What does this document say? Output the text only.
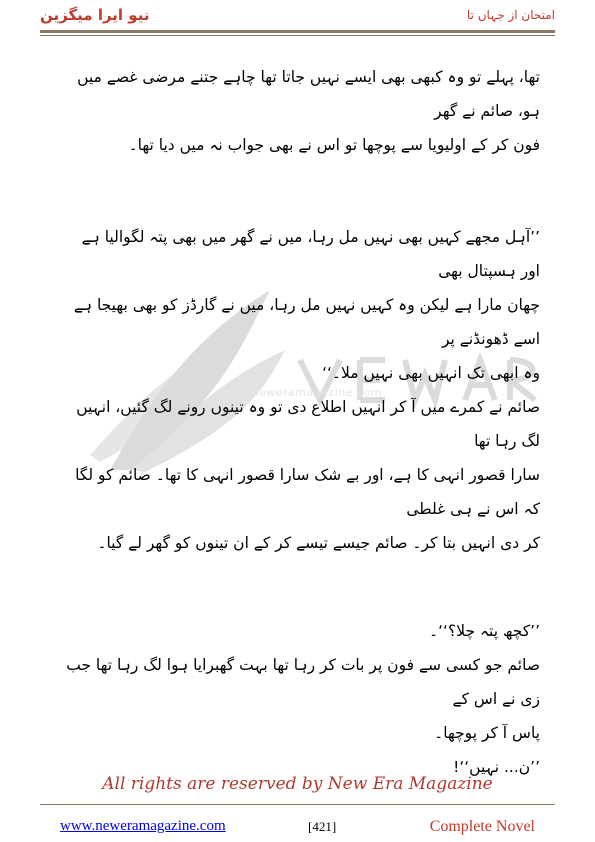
نیو ایرا میگزین	امتحان از جہاں تا
www.neweramagazine.com

تھا، پہلے تو وہ کبھی بھی ایسے نہیں جاتا تھا چاہے جتنے مرضی غصے میں ہو، صائم نے گھر

فون کر کے اولیویا سے پوچھا تو اس نے بھی جواب نہ میں دیا تھا۔

’’آہل مجھے کہیں بھی نہیں مل رہا، میں نے گھر میں بھی پتہ لگوالیا ہے اور ہسپتال بھی

چھان مارا ہے لیکن وہ کہیں نہیں مل رہا، میں نے گارڈز کو بھی بھیجا ہے اسے ڈھونڈنے پر

وہ ابھی تک انہیں بھی نہیں ملا۔‘‘

صائم نے کمرے میں آ کر انہیں اطلاع دی تو وہ تینوں رونے لگ گئیں، انہیں لگ رہا تھا

سارا قصور انہی کا ہے، اور بے شک سارا قصور انہی کا تھا۔ صائم کو لگا کہ اس نے ہی غلطی

کر دی انہیں بتا کر۔ صائم جیسے تیسے کر کے ان تینوں کو گھر لے گیا۔

’’کچھ پتہ چلا؟‘‘۔

صائم جو کسی سے فون پر بات کر رہا تھا بہت گھبرایا ہوا لگ رہا تھا جب زی نے اس کے

پاس آ کر پوچھا۔

’’ن... نہیں‘‘!

All rights are reserved by New Era Magazine
www.neweramagazine.com	[421]	Complete Novel
